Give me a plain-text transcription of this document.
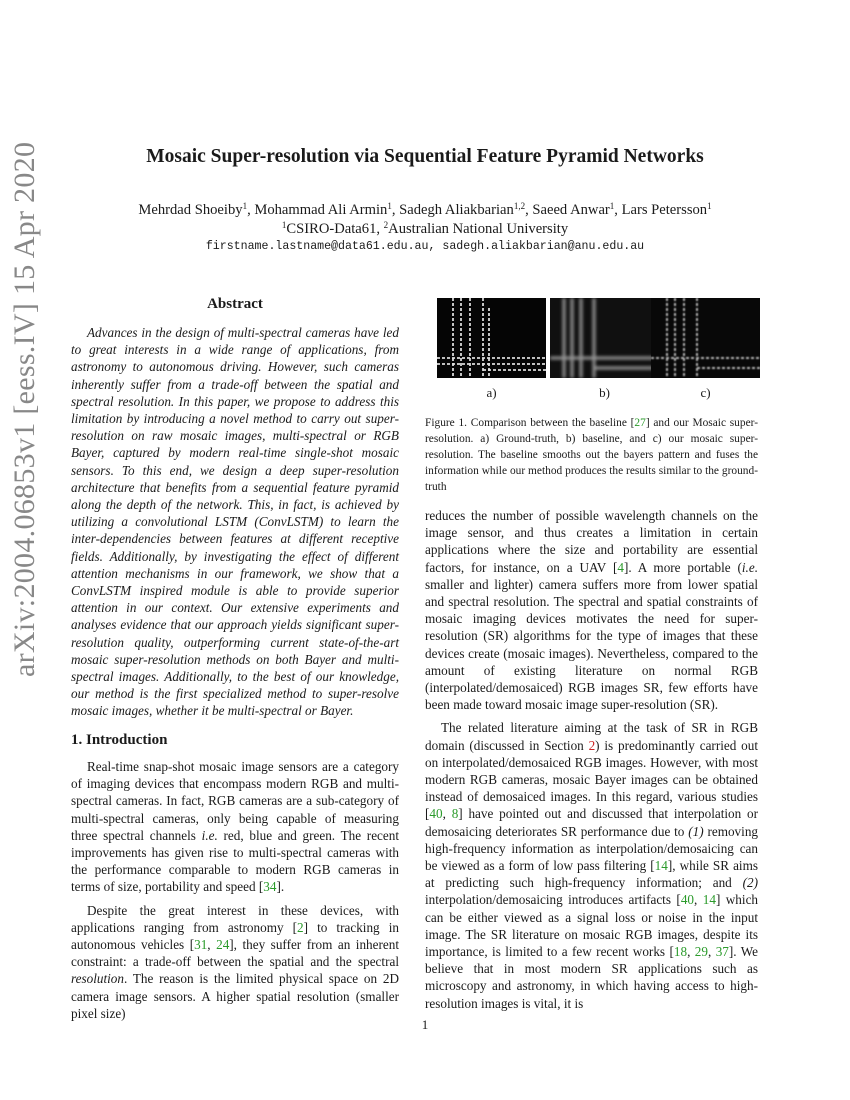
arXiv:2004.06853v1 [eess.IV] 15 Apr 2020	Mosaic Super-resolution via Sequential Feature Pyramid Networks
Mehrdad Shoeiby$^1$, Mohammad Ali Armin$^1$, Sadegh Aliakbarian$^{1,2}$, Saeed Anwar$^1$, Lars Petersson$^1$
$^1$CSIRO-Data61, $^2$Australian National University
firstname.lastname@data61.edu.au, sadegh.aliakbarian@anu.edu.au
Abstract

Advances in the design of multi-spectral cameras have led to great interests in a wide range of applications, from astronomy to autonomous driving. However, such cameras inherently suffer from a trade-off between the spatial and spectral resolution. In this paper, we propose to address this limitation by introducing a novel method to carry out super-resolution on raw mosaic images, multi-spectral or RGB Bayer, captured by modern real-time single-shot mosaic sensors. To this end, we design a deep super-resolution architecture that benefits from a sequential feature pyramid along the depth of the network. This, in fact, is achieved by utilizing a convolutional LSTM (ConvLSTM) to learn the inter-dependencies between features at different receptive fields. Additionally, by investigating the effect of different attention mechanisms in our framework, we show that a ConvLSTM inspired module is able to provide superior attention in our context. Our extensive experiments and analyses evidence that our approach yields significant super-resolution quality, outperforming current state-of-the-art mosaic super-resolution methods on both Bayer and multi-spectral images. Additionally, to the best of our knowledge, our method is the first specialized method to super-resolve mosaic images, whether it be multi-spectral or Bayer.

1. Introduction

Real-time snap-shot mosaic image sensors are a category of imaging devices that encompass modern RGB and multi-spectral cameras. In fact, RGB cameras are a sub-category of multi-spectral cameras, only being capable of measuring three spectral channels i.e. red, blue and green. The recent improvements has given rise to multi-spectral cameras with the performance comparable to modern RGB cameras in terms of size, portability and speed [34].

Despite the great interest in these devices, with applications ranging from astronomy [2] to tracking in autonomous vehicles [31, 24], they suffer from an inherent constraint: a trade-off between the spatial and the spectral resolution. The reason is the limited physical space on 2D camera image sensors. A higher spatial resolution (smaller pixel size)

a)	b)	c)
Figure 1. Comparison between the baseline [27] and our Mosaic super-resolution. a) Ground-truth, b) baseline, and c) our mosaic super-resolution. The baseline smooths out the bayers pattern and fuses the information while our method produces the results similar to the ground-truth

reduces the number of possible wavelength channels on the image sensor, and thus creates a limitation in certain applications where the size and portability are essential factors, for instance, on a UAV [4]. A more portable (i.e. smaller and lighter) camera suffers more from lower spatial and spectral resolution. The spectral and spatial constraints of mosaic imaging devices motivates the need for super-resolution (SR) algorithms for the type of images that these devices create (mosaic images). Nevertheless, compared to the amount of existing literature on normal RGB (interpolated/demosaiced) RGB images SR, few efforts have been made toward mosaic image super-resolution (SR).

The related literature aiming at the task of SR in RGB domain (discussed in Section 2) is predominantly carried out on interpolated/demosaiced RGB images. However, with most modern RGB cameras, mosaic Bayer images can be obtained instead of demosaiced images. In this regard, various studies [40, 8] have pointed out and discussed that interpolation or demosaicing deteriorates SR performance due to (1) removing high-frequency information as interpolation/demosaicing can be viewed as a form of low pass filtering [14], while SR aims at predicting such high-frequency information; and (2) interpolation/demosaicing introduces artifacts [40, 14] which can be either viewed as a signal loss or noise in the input image. The SR literature on mosaic RGB images, despite its importance, is limited to a few recent works [18, 29, 37]. We believe that in most modern SR applications such as microscopy and astronomy, in which having access to high-resolution images is vital, it is

1
